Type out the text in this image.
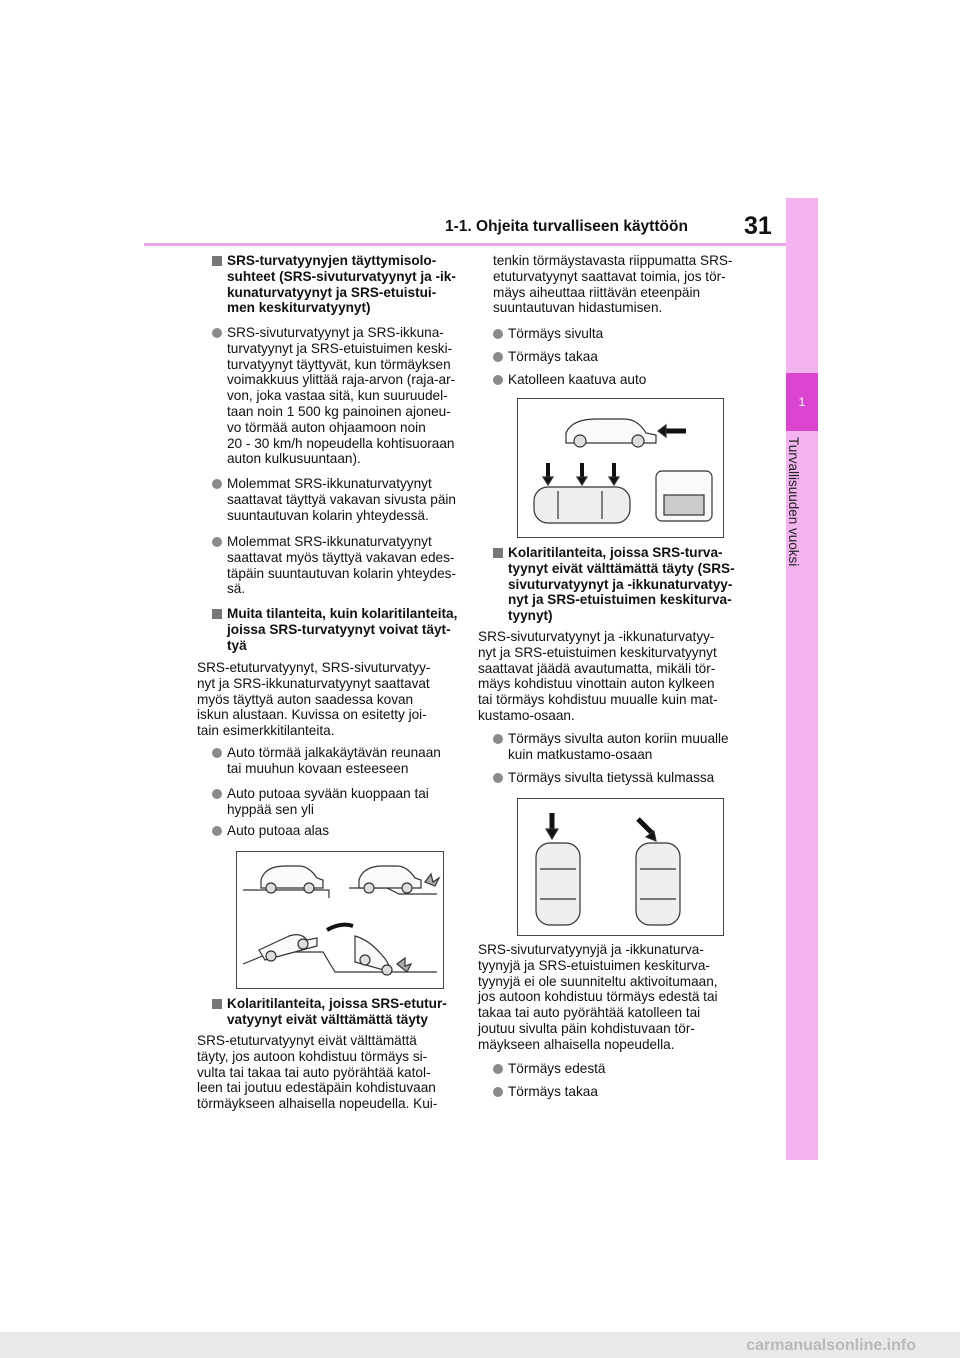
1-1. Ohjeita turvalliseen käyttöön 31
1
Turvallisuuden vuoksi
SRS-turvatyynyjen täyttymisolo-
suhteet (SRS-sivuturvatyynyt ja -ik-
kunaturvatyynyt ja SRS-etuistui-
men keskiturvatyynyt)
SRS-sivuturvatyynyt ja SRS-ikkuna-
turvatyynyt ja SRS-etuistuimen keski-
turvatyynyt täyttyvät, kun törmäyksen
voimakkuus ylittää raja-arvon (raja-ar-
von, joka vastaa sitä, kun suuruudel-
taan noin 1 500 kg painoinen ajoneu-
vo törmää auton ohjaamoon noin
20 - 30 km/h nopeudella kohtisuoraan
auton kulkusuuntaan).
Molemmat SRS-ikkunaturvatyynyt
saattavat täyttyä vakavan sivusta päin
suuntautuvan kolarin yhteydessä.
Molemmat SRS-ikkunaturvatyynyt
saattavat myös täyttyä vakavan edes-
täpäin suuntautuvan kolarin yhteydes-
sä.
Muita tilanteita, kuin kolaritilanteita,
joissa SRS-turvatyynyt voivat täyt-
tyä
SRS-etuturvatyynyt, SRS-sivuturvatyy-
nyt ja SRS-ikkunaturvatyynyt saattavat
myös täyttyä auton saadessa kovan
iskun alustaan. Kuvissa on esitetty joi-
tain esimerkkitilanteita.
Auto törmää jalkakäytävän reunaan
tai muuhun kovaan esteeseen
Auto putoaa syvään kuoppaan tai
hyppää sen yli
Auto putoaa alas
Kolaritilanteita, joissa SRS-etutur-
vatyynyt eivät välttämättä täyty
SRS-etuturvatyynyt eivät välttämättä
täyty, jos autoon kohdistuu törmäys si-
vulta tai takaa tai auto pyörähtää katol-
leen tai joutuu edestäpäin kohdistuvaan
törmäykseen alhaisella nopeudella. Kui-
tenkin törmäystavasta riippumatta SRS-
etuturvatyynyt saattavat toimia, jos tör-
mäys aiheuttaa riittävän eteenpäin
suuntautuvan hidastumisen.
Törmäys sivulta
Törmäys takaa
Katolleen kaatuva auto
Kolaritilanteita, joissa SRS-turva-
tyynyt eivät välttämättä täyty (SRS-
sivuturvatyynyt ja -ikkunaturvatyy-
nyt ja SRS-etuistuimen keskiturva-
tyynyt)
SRS-sivuturvatyynyt ja -ikkunaturvatyy-
nyt ja SRS-etuistuimen keskiturvatyynyt
saattavat jäädä avautumatta, mikäli tör-
mäys kohdistuu vinottain auton kylkeen
tai törmäys kohdistuu muualle kuin mat-
kustamo-osaan.
Törmäys sivulta auton koriin muualle
kuin matkustamo-osaan
Törmäys sivulta tietyssä kulmassa
SRS-sivuturvatyynyjä ja -ikkunaturva-
tyynyjä ja SRS-etuistuimen keskiturva-
tyynyjä ei ole suunniteltu aktivoitumaan,
jos autoon kohdistuu törmäys edestä tai
takaa tai auto pyörähtää katolleen tai
joutuu sivulta päin kohdistuvaan tör-
mäykseen alhaisella nopeudella.
Törmäys edestä
Törmäys takaa
carmanualsonline.info
